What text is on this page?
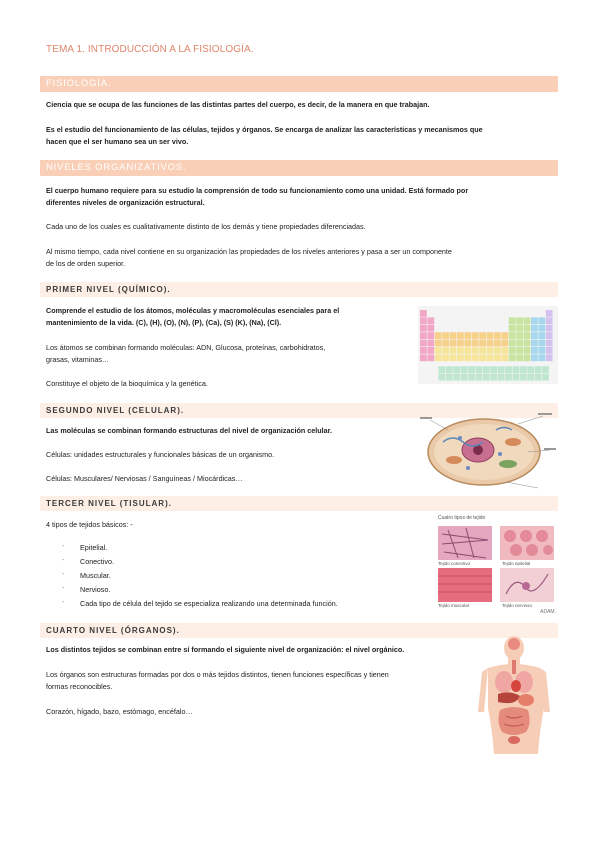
TEMA 1. INTRODUCCIÓN A LA FISIOLOGÍA.
FISIOLOGÍA.
Ciencia que se ocupa de las funciones de las distintas partes del cuerpo, es decir, de la manera en que trabajan.
Es el estudio del funcionamiento de las células, tejidos y órganos. Se encarga de analizar las características y mecanismos que
hacen que el ser humano sea un ser vivo.
NIVELES ORGANIZATIVOS.
El cuerpo humano requiere para su estudio la comprensión de todo su funcionamiento como una unidad. Está formado por
diferentes niveles de organización estructural.
Cada uno de los cuales es cualitativamente distinto de los demás y tiene propiedades diferenciadas.
Al mismo tiempo, cada nivel contiene en su organización las propiedades de los niveles anteriores y pasa a ser un componente
de los de orden superior.
PRIMER NIVEL (QUÍMICO).
Comprende el estudio de los átomos, moléculas y macromoléculas esenciales para el
mantenimiento de la vida. (C), (H), (O), (N), (P), (Ca), (S) (K), (Na), (Cl).
Los átomos se combinan formando moléculas: ADN, Glucosa, proteínas, carbohidratos,
grasas, vitaminas…
Constituye el objeto de la bioquímica y la genética.
SEGUNDO NIVEL (CELULAR).
Las moléculas se combinan formando estructuras del nivel de organización celular.
Células: unidades estructurales y funcionales básicas de un organismo.
Células: Musculares/ Nerviosas / Sanguíneas / Miocárdicas…
TERCER NIVEL (TISULAR).
4 tipos de tejidos básicos: -
- Epitelial.
- Conectivo.
- Muscular.
- Nervioso.
- Cada tipo de célula del tejido se especializa realizando una determinada función.
Cuatro tipos de tejido
Tejido conectivo	Tejido epitelial
Tejido muscular	Tejido nervioso
ADAM.
CUARTO NIVEL (ÓRGANOS).
Los distintos tejidos se combinan entre sí formando el siguiente nivel de organización: el nivel orgánico.
Los órganos son estructuras formadas por dos o más tejidos distintos, tienen funciones específicas y tienen
formas reconocibles.
Corazón, hígado, bazo, estómago, encéfalo…
